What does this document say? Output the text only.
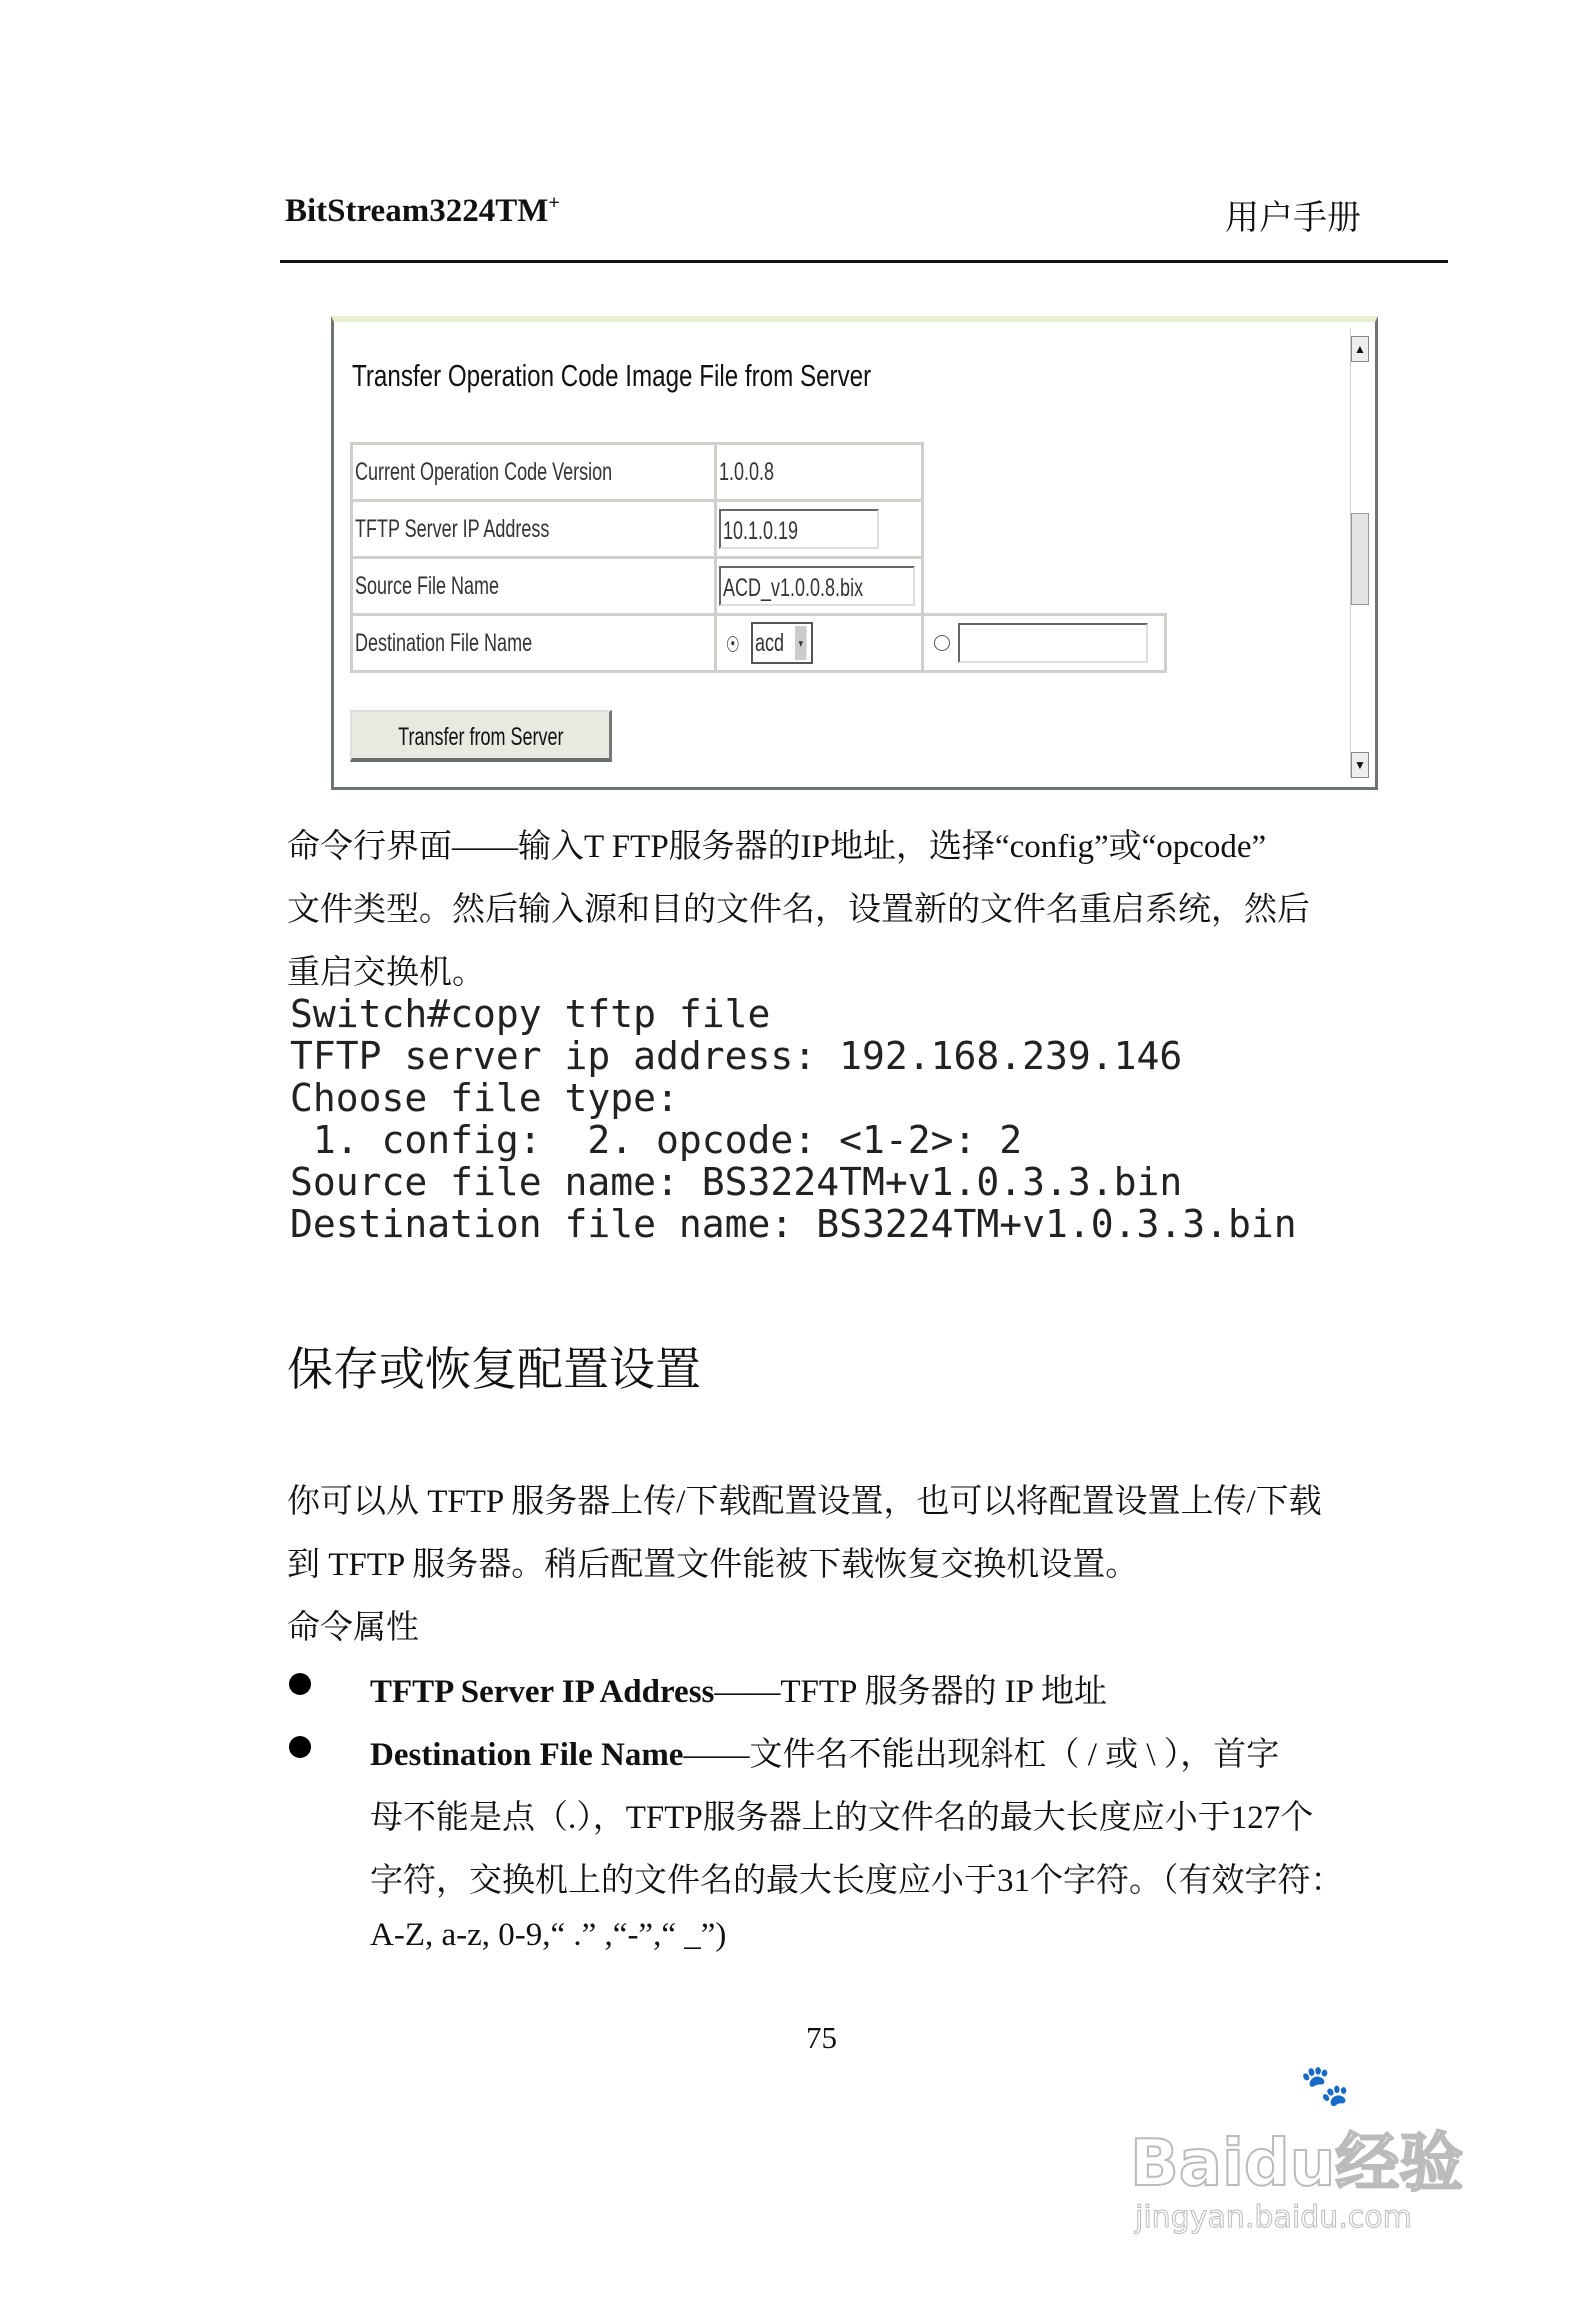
BitStream3224TM+	用户手册
Transfer Operation Code Image File from Server
▲
▼
Current Operation Code Version	1.0.0.8	
TFTP Server IP Address	10.1.0.19	
Source File Name	ACD_v1.0.0.8.bix	
Destination File Name	● acd ▼	
Transfer from Server
命令行界面——输入T FTP服务器的IP地址，选择“config”或“opcode”
文件类型。然后输入源和目的文件名，设置新的文件名重启系统，然后
重启交换机。
Switch#copy tftp file
TFTP server ip address: 192.168.239.146
Choose file type:
1. config:  2. opcode: <1-2>: 2
Source file name: BS3224TM+v1.0.3.3.bin
Destination file name: BS3224TM+v1.0.3.3.bin
保存或恢复配置设置
你可以从 TFTP 服务器上传/下载配置设置，也可以将配置设置上传/下载
到 TFTP 服务器。稍后配置文件能被下载恢复交换机设置。
命令属性
TFTP Server IP Address——TFTP 服务器的 IP 地址
Destination File Name——文件名不能出现斜杠（ / 或 \ ），首字
母不能是点（.），TFTP服务器上的文件名的最大长度应小于127个
字符，交换机上的文件名的最大长度应小于31个字符。（有效字符：
A-Z, a-z, 0-9,“ .” ,“-”,“ _”)
75
🐾
Baidu经验
jingyan.baidu.com
